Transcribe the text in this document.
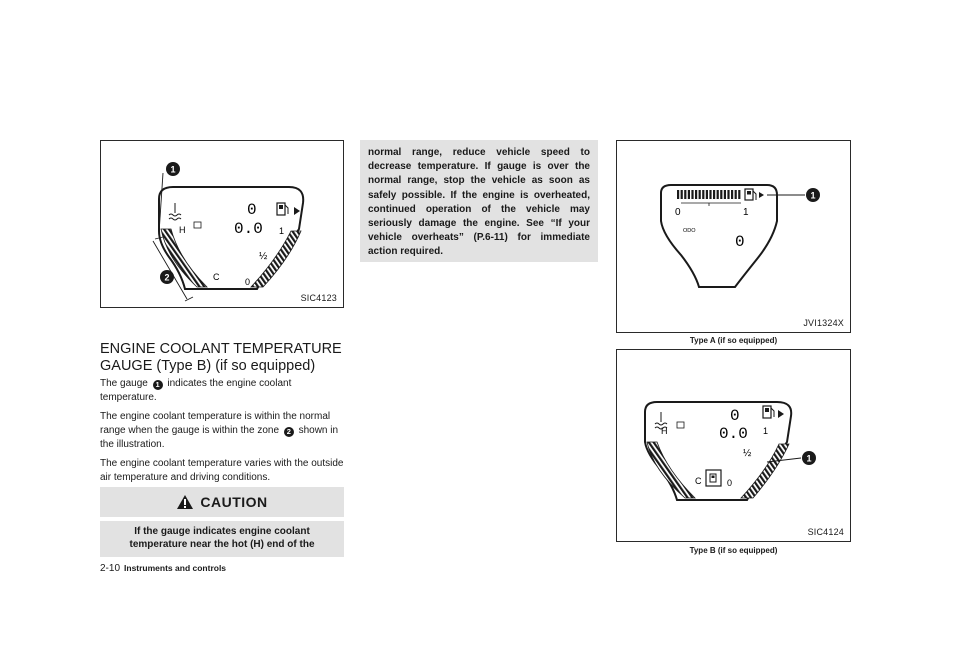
H
C
0
0.0 1
½
0
1
2
SIC4123
ENGINE COOLANT TEMPERATURE GAUGE (Type B) (if so equipped)

The gauge 1 indicates the engine coolant temperature.

The engine coolant temperature is within the normal range when the gauge is within the zone 2 shown in the illustration.

The engine coolant temperature varies with the outside air temperature and driving conditions.

CAUTION
If the gauge indicates engine coolant temperature near the hot (H) end of the
normal range, reduce vehicle speed to decrease temperature. If gauge is over the normal range, stop the vehicle as soon as safely possible. If the engine is overheated, continued operation of the vehicle may seriously damage the engine. See “If your vehicle overheats” (P.6-11) for immediate action required.
0	1
ODO
0
1
JVI1324X
Type A (if so equipped)
H
0
0.0 1
½
C	0
1
SIC4124
Type B (if so equipped)
2-10 Instruments and controls
